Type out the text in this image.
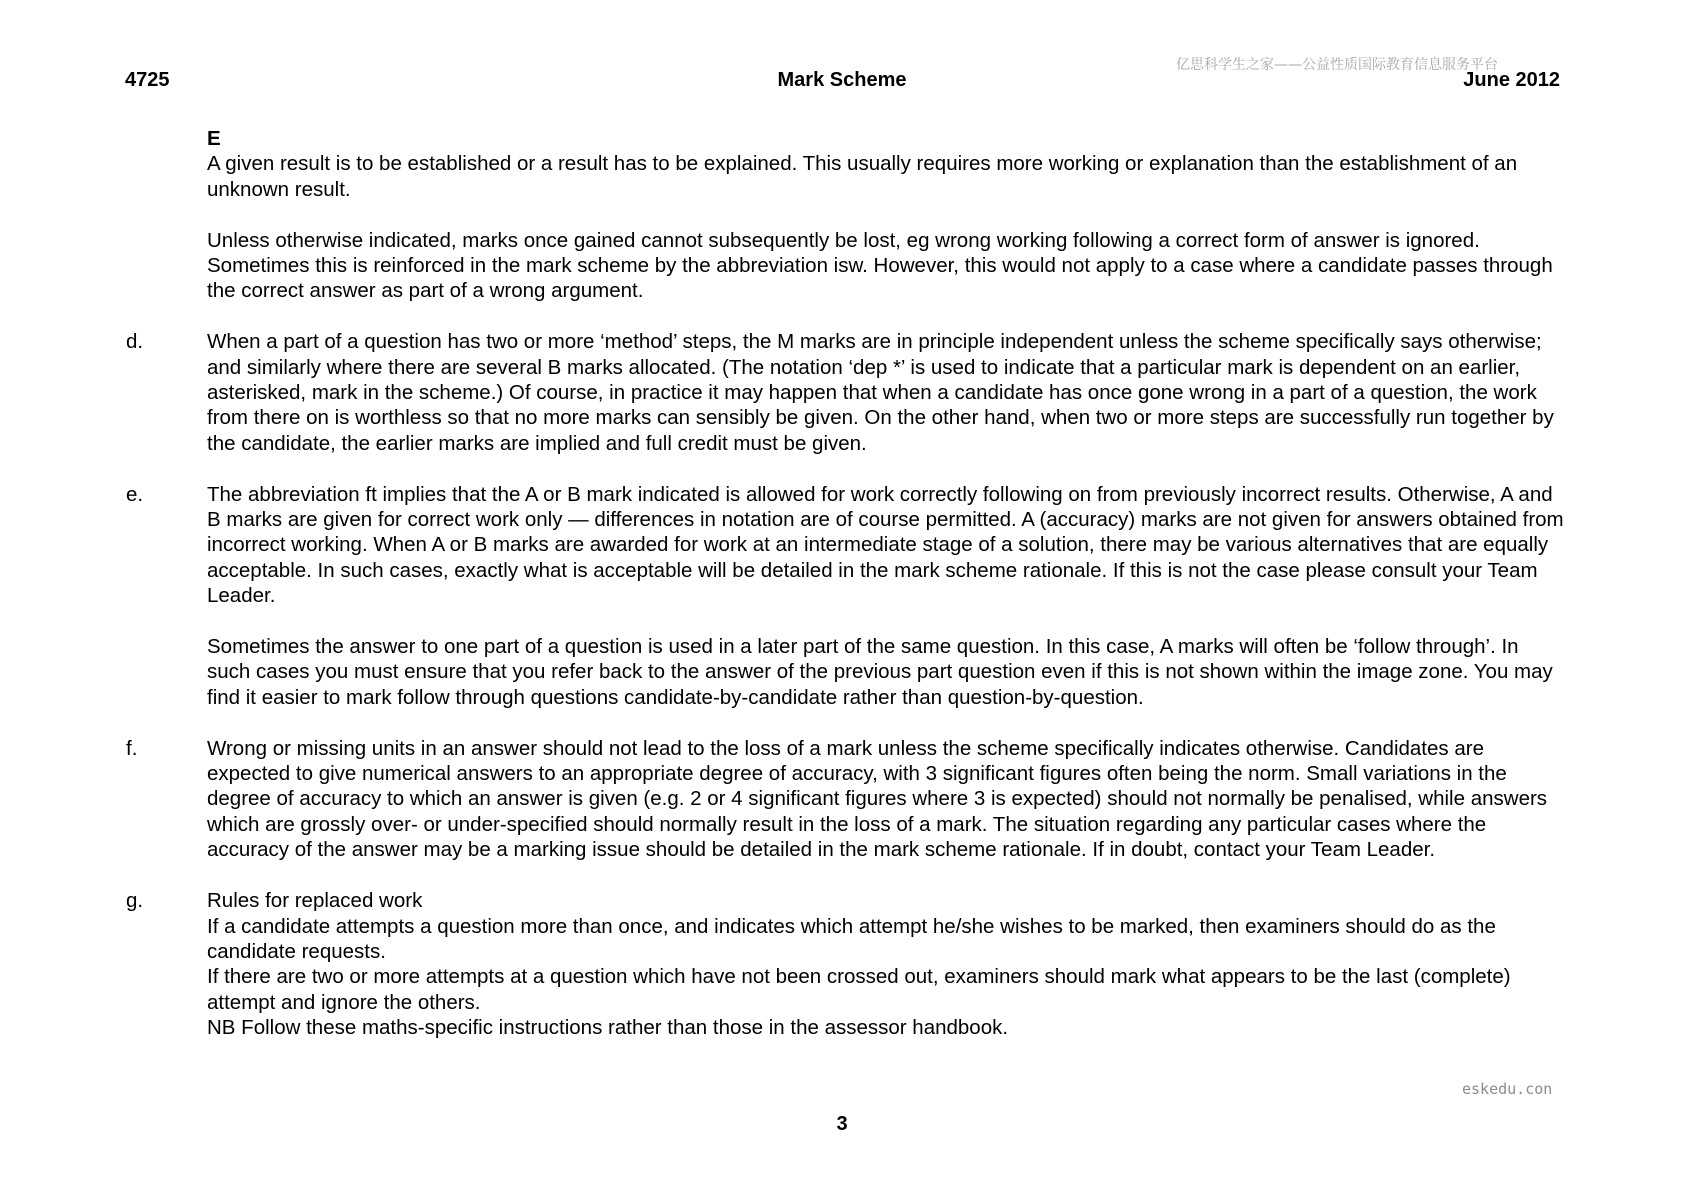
亿思科学生之家——公益性质国际教育信息服务平台
4725	Mark Scheme	June 2012
E

A given result is to be established or a result has to be explained. This usually requires more working or explanation than the establishment of an unknown result.

Unless otherwise indicated, marks once gained cannot subsequently be lost, eg wrong working following a correct form of answer is ignored. Sometimes this is reinforced in the mark scheme by the abbreviation isw. However, this would not apply to a case where a candidate passes through the correct answer as part of a wrong argument.

d.	When a part of a question has two or more ‘method’ steps, the M marks are in principle independent unless the scheme specifically says otherwise; and similarly where there are several B marks allocated. (The notation ‘dep *’ is used to indicate that a particular mark is dependent on an earlier, asterisked, mark in the scheme.) Of course, in practice it may happen that when a candidate has once gone wrong in a part of a question, the work from there on is worthless so that no more marks can sensibly be given. On the other hand, when two or more steps are successfully run together by the candidate, the earlier marks are implied and full credit must be given.

e.	The abbreviation ft implies that the A or B mark indicated is allowed for work correctly following on from previously incorrect results. Otherwise, A and B marks are given for correct work only — differences in notation are of course permitted. A (accuracy) marks are not given for answers obtained from incorrect working. When A or B marks are awarded for work at an intermediate stage of a solution, there may be various alternatives that are equally acceptable. In such cases, exactly what is acceptable will be detailed in the mark scheme rationale. If this is not the case please consult your Team Leader.

Sometimes the answer to one part of a question is used in a later part of the same question. In this case, A marks will often be ‘follow through’. In such cases you must ensure that you refer back to the answer of the previous part question even if this is not shown within the image zone. You may find it easier to mark follow through questions candidate-by-candidate rather than question-by-question.

f.	Wrong or missing units in an answer should not lead to the loss of a mark unless the scheme specifically indicates otherwise. Candidates are expected to give numerical answers to an appropriate degree of accuracy, with 3 significant figures often being the norm. Small variations in the degree of accuracy to which an answer is given (e.g. 2 or 4 significant figures where 3 is expected) should not normally be penalised, while answers which are grossly over- or under-specified should normally result in the loss of a mark. The situation regarding any particular cases where the accuracy of the answer may be a marking issue should be detailed in the mark scheme rationale. If in doubt, contact your Team Leader.

g.	Rules for replaced work

If a candidate attempts a question more than once, and indicates which attempt he/she wishes to be marked, then examiners should do as the candidate requests.

If there are two or more attempts at a question which have not been crossed out, examiners should mark what appears to be the last (complete) attempt and ignore the others.

NB Follow these maths-specific instructions rather than those in the assessor handbook.

eskedu.con
3
